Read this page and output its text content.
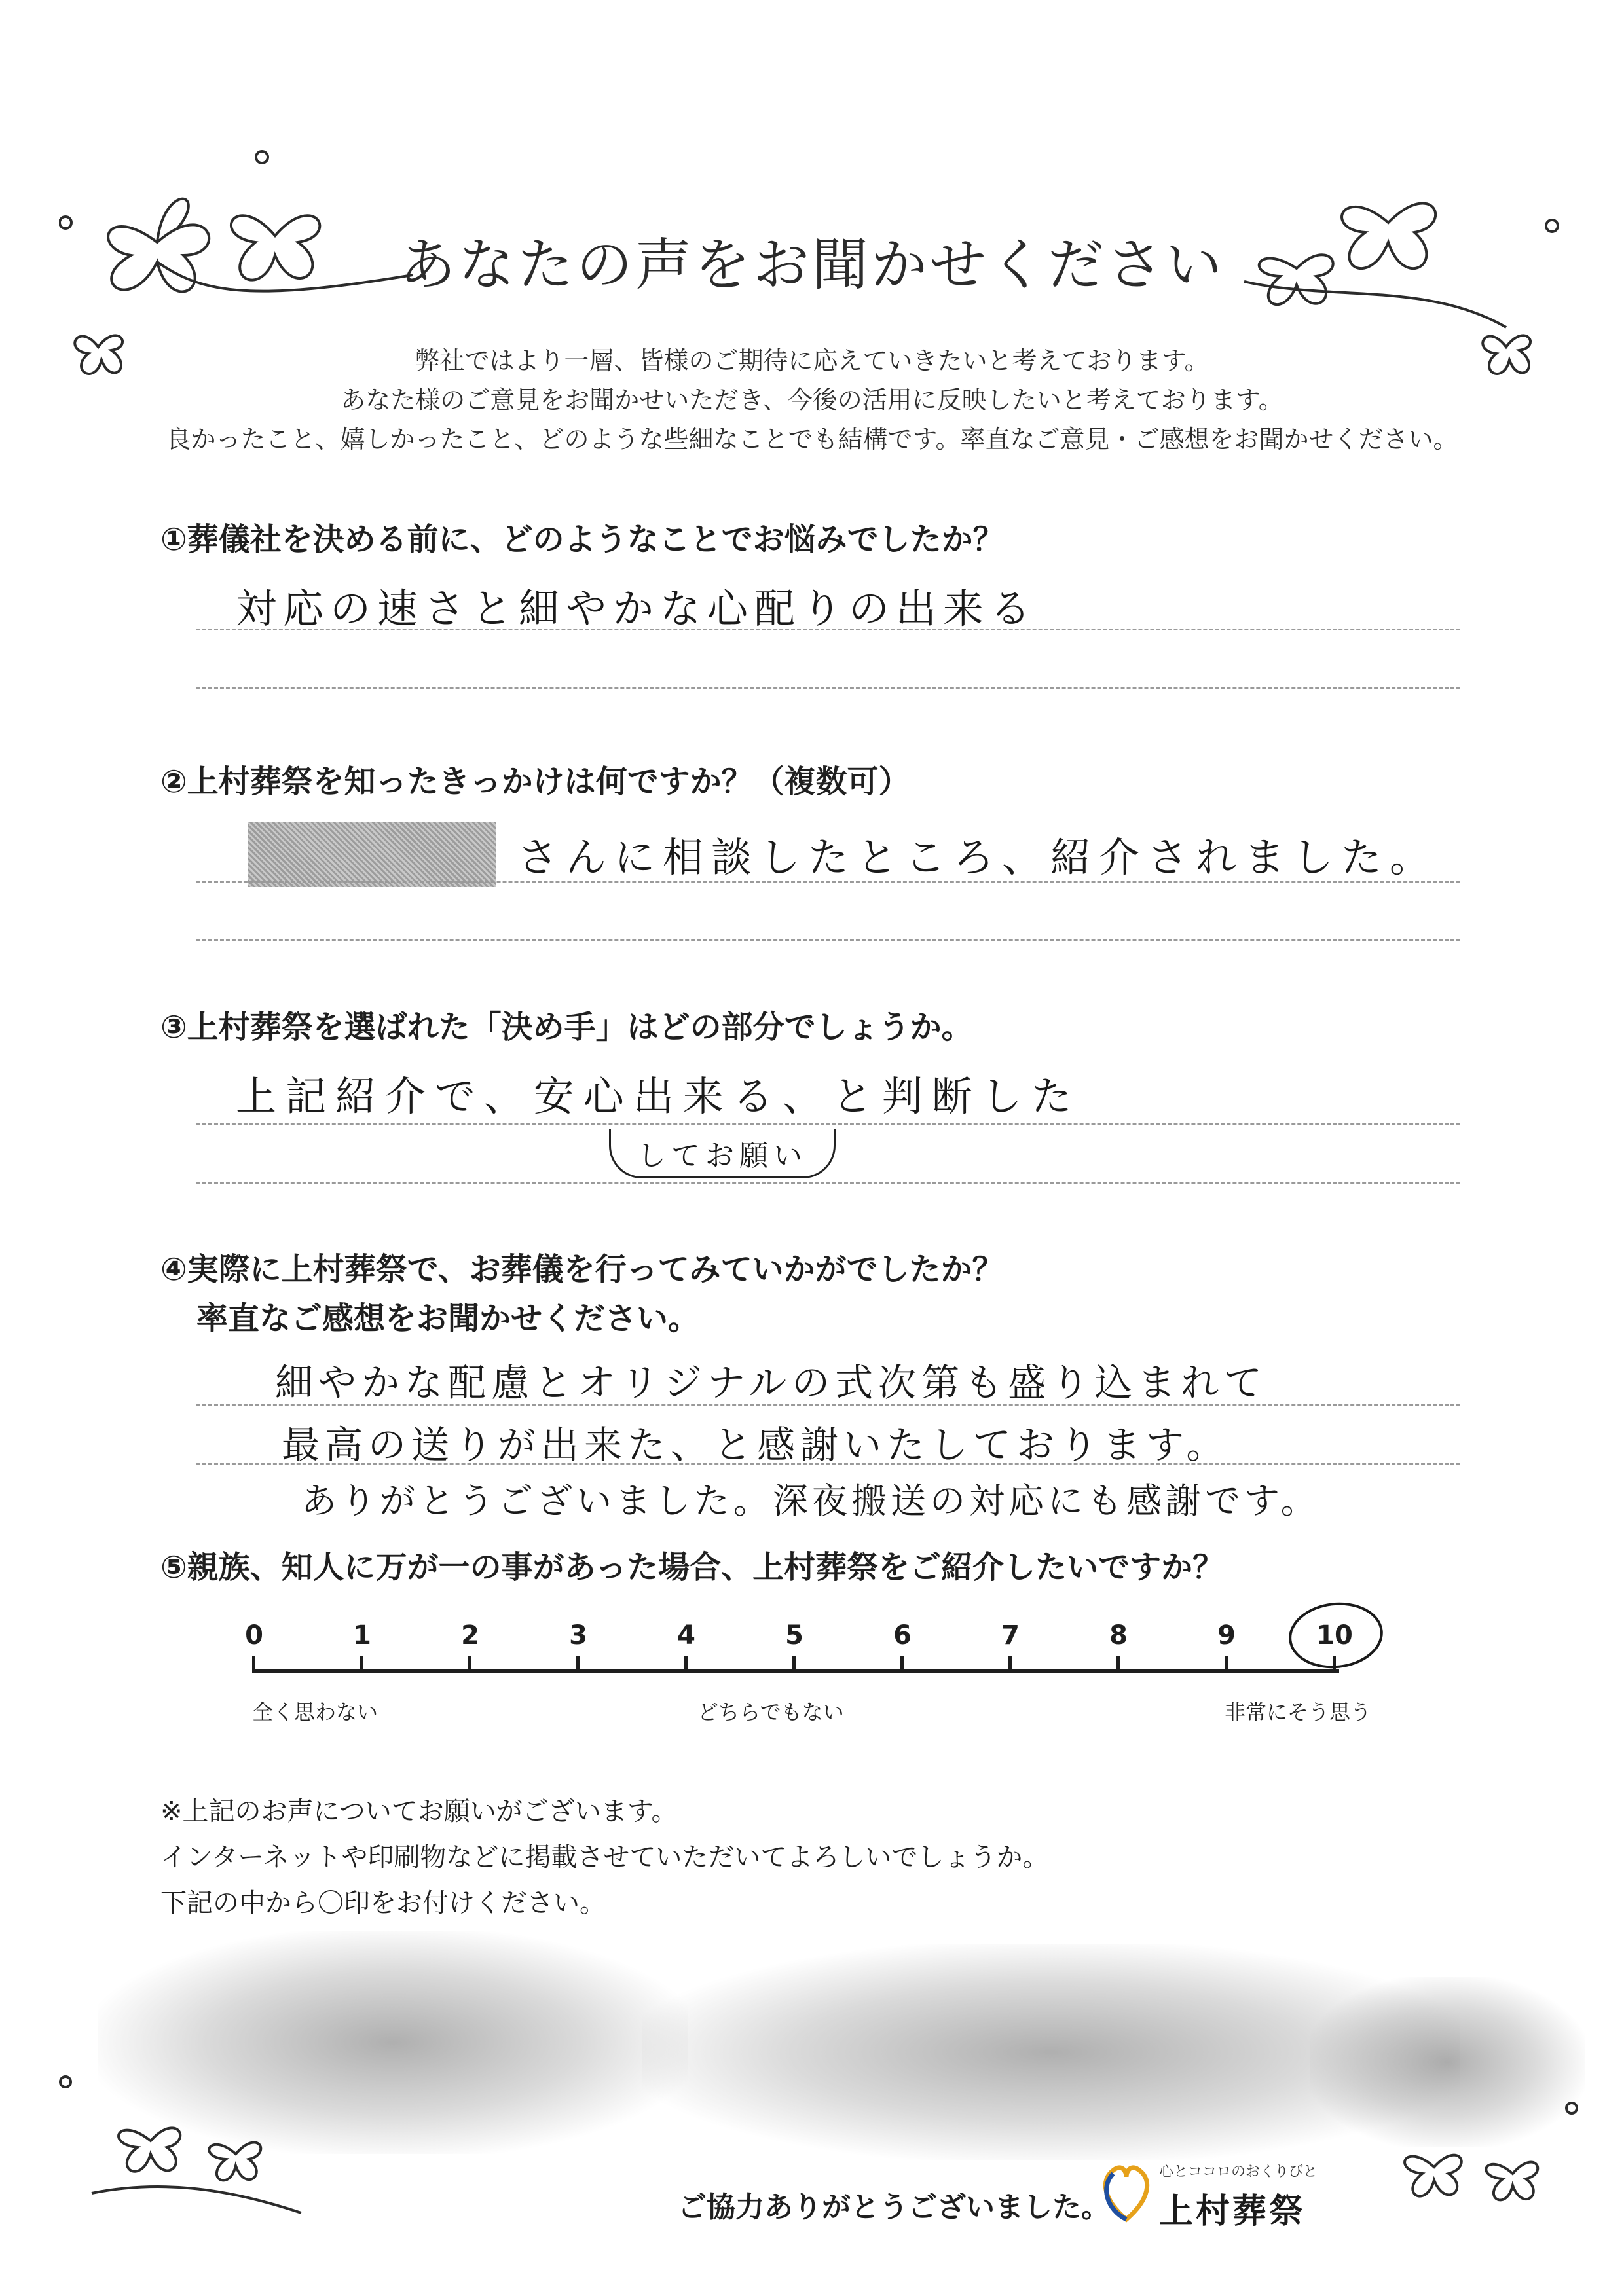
あなたの声をお聞かせください
弊社ではより一層、皆様のご期待に応えていきたいと考えております。
あなた様のご意見をお聞かせいただき、今後の活用に反映したいと考えております。
良かったこと、嬉しかったこと、どのような些細なことでも結構です。率直なご意見・ご感想をお聞かせください。
①葬儀社を決める前に、どのようなことでお悩みでしたか？
対応の速さと細やかな心配りの出来る
②上村葬祭を知ったきっかけは何ですか？（複数可）
さんに相談したところ、紹介されました。
③上村葬祭を選ばれた「決め手」はどの部分でしょうか。
上記紹介で、安心出来る、と判断した
してお願い
④実際に上村葬祭で、お葬儀を行ってみていかがでしたか？
率直なご感想をお聞かせください。
細やかな配慮とオリジナルの式次第も盛り込まれて
最高の送りが出来た、と感謝いたしております。
ありがとうございました。深夜搬送の対応にも感謝です。
⑤親族、知人に万が一の事があった場合、上村葬祭をご紹介したいですか？
0	1	2	3	4	5	6	7	8	9	10
全く思わない	どちらでもない	非常にそう思う
※上記のお声についてお願いがございます。
インターネットや印刷物などに掲載させていただいてよろしいでしょうか。
下記の中から〇印をお付けください。
ご協力ありがとうございました。
心とココロのおくりびと
上村葬祭
